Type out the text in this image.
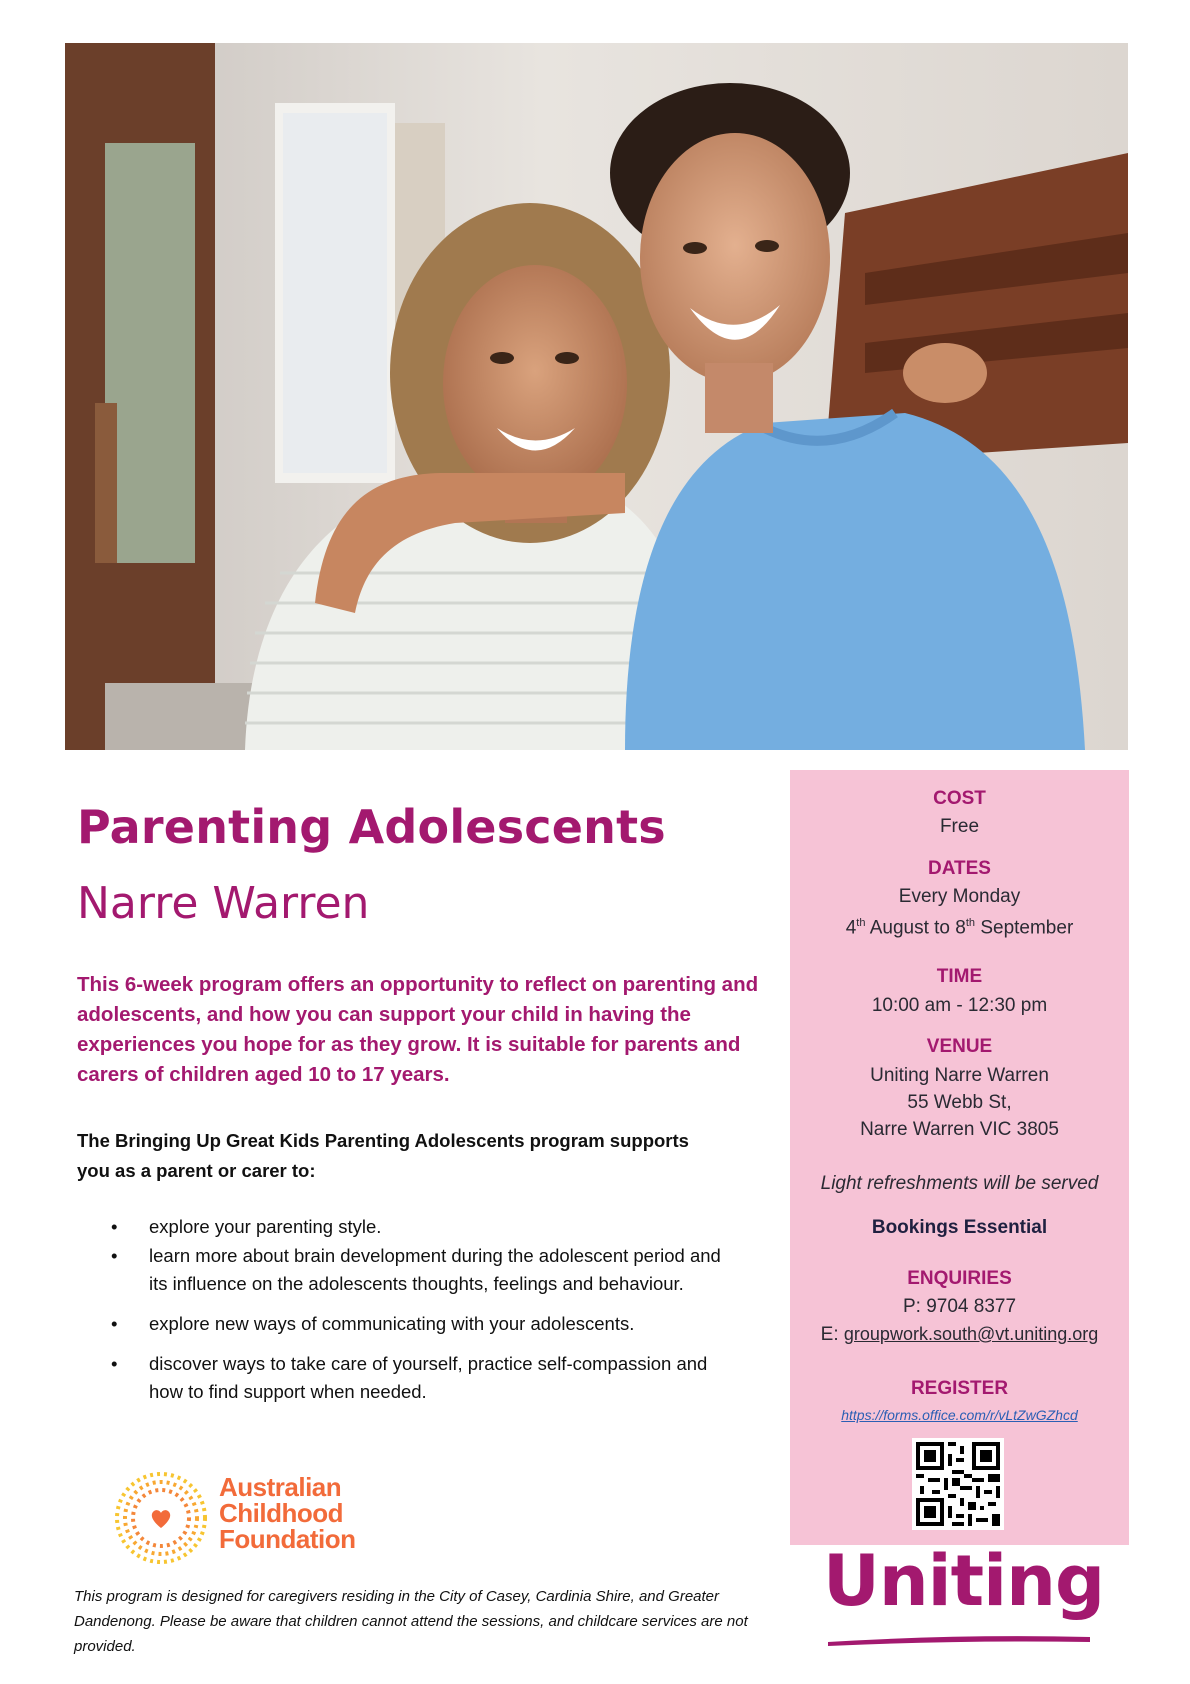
Parenting Adolescents
Narre Warren

This 6-week program offers an opportunity to reflect on parenting and adolescents, and how you can support your child in having the experiences you hope for as they grow. It is suitable for parents and carers of children aged 10 to 17 years.

The Bringing Up Great Kids Parenting Adolescents program supports you as a parent or carer to:

• explore your parenting style.
• learn more about brain development during the adolescent period and its influence on the adolescents thoughts, feelings and behaviour.
• explore new ways of communicating with your adolescents.
• discover ways to take care of yourself, practice self-compassion and how to find support when needed.
Australian
Childhood
Foundation

This program is designed for caregivers residing in the City of Casey, Cardinia Shire, and Greater Dandenong. Please be aware that children cannot attend the sessions, and childcare services are not provided.

COST
Free
DATES
Every Monday
4th August to 8th September
TIME
10:00 am - 12:30 pm
VENUE
Uniting Narre Warren
55 Webb St,
Narre Warren VIC 3805
Light refreshments will be served
Bookings Essential
ENQUIRIES
P: 9704 8377
E: groupwork.south@vt.uniting.org
REGISTER
https://forms.office.com/r/vLtZwGZhcd
Uniting
